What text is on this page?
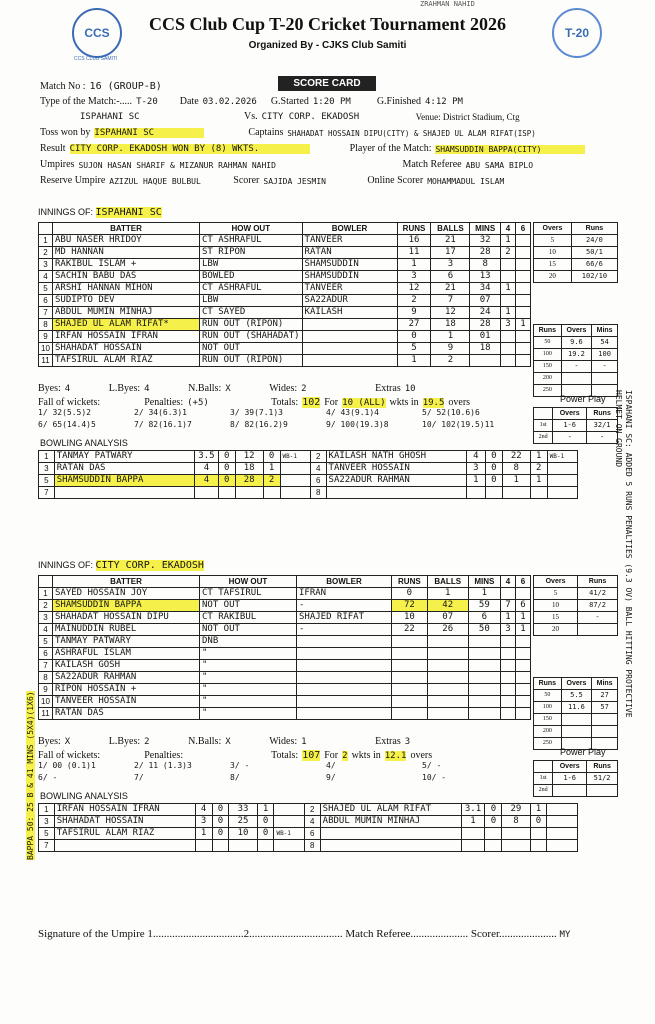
CCS
CCS CLUB SAMITI
T-20
ZRAHMAN NAHID
CCS Club Cup T-20 Cricket Tournament 2026
Organized By - CJKS Club Samiti
SCORE CARD
Match No : 16 (GROUP-B)
Type of the Match:-..... T-20 Date 03.02.2026 G.Started 1:20 PM	G.Finished 4:12 PM
ISPAHANI SC	Vs. CITY CORP. EKADOSH	Venue: District Stadium, Ctg
Toss won by ISPAHANI SC	Captains SHAHADAT HOSSAIN DIPU(CITY) & SHAJED UL ALAM RIFAT(ISP)
Result CITY CORP. EKADOSH WON BY (8) WKTS.	Player of the Match: SHAMSUDDIN BAPPA(CITY)
Umpires SUJON HASAN SHARIF & MIZANUR RAHMAN NAHID	Match Referee ABU SAMA BIPLO
Reserve Umpire AZIZUL HAQUE BULBUL	Scorer SAJIDA JESMIN	Online Scorer MOHAMMADUL ISLAM
INNINGS OF: ISPAHANI SC
	BATTER	HOW OUT	BOWLER	RUNS	BALLS	MINS	4	6
1	ABU NASER HRIDOY	CT ASHRAFUL	TANVEER	16	21	32	1	
2	MD HANNAN	ST RIPON	RATAN	11	17	28	2	
3	RAKIBUL ISLAM +	LBW	SHAMSUDDIN	1	3	8		
4	SACHIN BABU DAS	BOWLED	SHAMSUDDIN	3	6	13		
5	ARSHI HANNAN MIHON	CT ASHRAFUL	TANVEER	12	21	34	1	
6	SUDIPTO DEV	LBW	SA22ADUR	2	7	07		
7	ABDUL MUMIN MINHAJ	CT SAYED	KAILASH	9	12	24	1	
8	SHAJED UL ALAM RIFAT*	RUN OUT (RIPON)		27	18	28	3	1
9	IRFAN HOSSAIN IFRAN	RUN OUT (SHAHADAT)		0	1	01		
10	SHAHADAT HOSSAIN	NOT OUT		5	9	18		
11	TAFSIRUL ALAM RIAZ	RUN OUT (RIPON)		1	2			
Overs	Runs
5	24/0
10	50/1
15	66/6
20	102/10
Runs	Overs	Mins
50	9.6	54
100	19.2	100
150	-	-
200		
250		
Byes: 4	L.Byes: 4	N.Balls: X	Wides: 2	Extras 10
Fall of wickets:	Penalties: (+5)	Totals: 102 For 10 (ALL) wkts in 19.5 overs
1/ 32(5.5)2	2/ 34(6.3)1	3/ 39(7.1)3	4/ 43(9.1)4	5/ 52(10.6)6
6/ 65(14.4)5	7/ 82(16.1)7	8/ 82(16.2)9	9/ 100(19.3)8	10/ 102(19.5)11
Power Play
	Overs	Runs
1st	1-6	32/1
2nd	-	-
BOWLING ANALYSIS
1	TANMAY PATWARY	3.5	0	12	0	WB-1	2	KAILASH NATH GHOSH	4	0	22	1	WB-1
3	RATAN DAS	4	0	18	1		4	TANVEER HOSSAIN	3	0	8	2	
5	SHAMSUDDIN BAPPA	4	0	28	2		6	SA22ADUR RAHMAN	1	0	1	1	
7							8						
INNINGS OF: CITY CORP. EKADOSH
	BATTER	HOW OUT	BOWLER	RUNS	BALLS	MINS	4	6
1	SAYED HOSSAIN JOY	CT TAFSIRUL	IFRAN	0	1	1		
2	SHAMSUDDIN BAPPA	NOT OUT	-	72	42	59	7	6
3	SHAHADAT HOSSAIN DIPU	CT RAKIBUL	SHAJED RIFAT	10	07	6	1	1
4	MAINUDDIN RUBEL	NOT OUT	-	22	26	50	3	1
5	TANMAY PATWARY	DNB						
6	ASHRAFUL ISLAM	"						
7	KAILASH GOSH	"						
8	SA22ADUR RAHMAN	"						
9	RIPON HOSSAIN +	"						
10	TANVEER HOSSAIN	"						
11	RATAN DAS	"						
Overs	Runs
5	41/2
10	87/2
15	-
20	
Runs	Overs	Mins
50	5.5	27
100	11.6	57
150		
200		
250		
Byes: X	L.Byes: 2	N.Balls: X	Wides: 1	Extras 3
Fall of wickets:	Penalties:	Totals: 107 For 2 wkts in 12.1 overs
1/ 00 (0.1)1	2/ 11 (1.3)3	3/ -	4/	5/ -
6/ -	7/	8/	9/	10/ -
Power Play
	Overs	Runs
1st	1-6	51/2
2nd		
BOWLING ANALYSIS
1	IRFAN HOSSAIN IFRAN	4	0	33	1		2	SHAJED UL ALAM RIFAT	3.1	0	29	1	
3	SHAHADAT HOSSAIN	3	0	25	0		4	ABDUL MUMIN MINHAJ	1	0	8	0	
5	TAFSIRUL ALAM RIAZ	1	0	10	0	WB-1	6						
7							8						
ISPAHANI SC: ADDED 5 RUNS PENALTIES (9.3 OV) BALL HITTING PROTECTIVE HELMET ON GROUND
BAPPA 50: 25 B & 41 MINS (5X4)(1X6)
Signature of the Umpire 1.................................2.................................. Match Referee..................... Scorer..................... MY
